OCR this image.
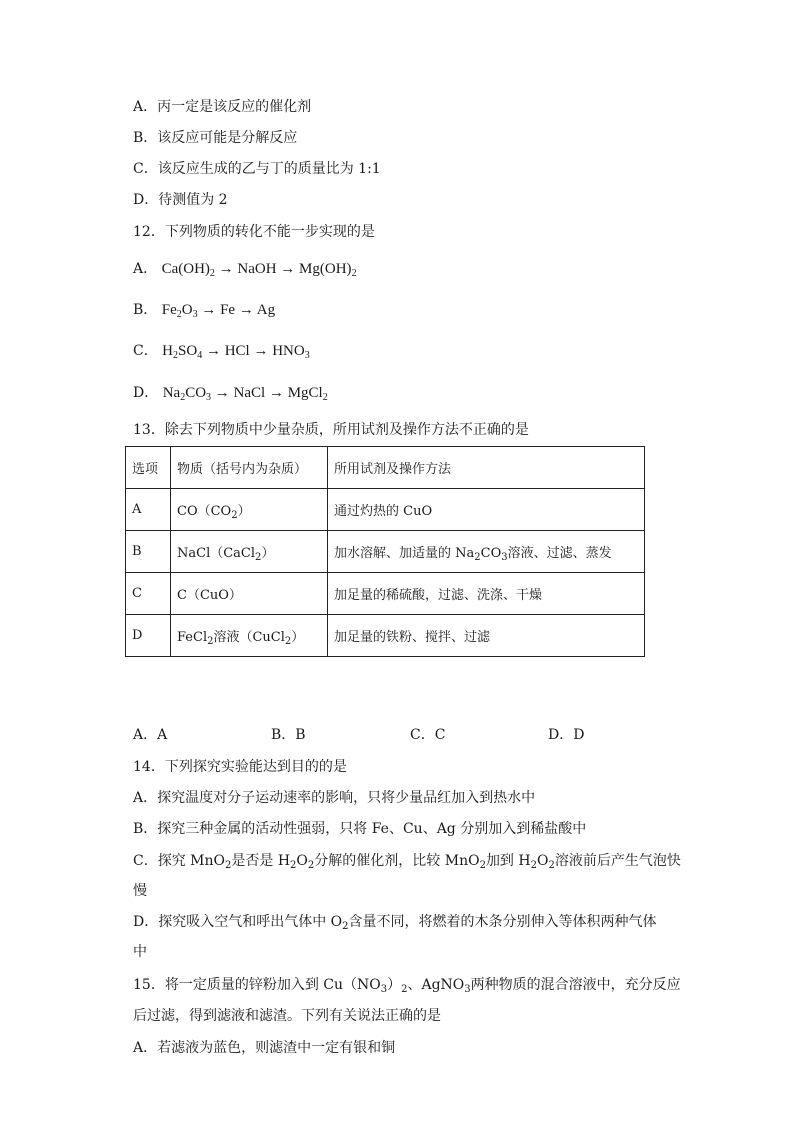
A．丙一定是该反应的催化剂
B．该反应可能是分解反应
C．该反应生成的乙与丁的质量比为 1:1
D．待测值为 2
12．下列物质的转化不能一步实现的是
A． $Ca(OH)_2$ → NaOH → $Mg(OH)_2$
B． $Fe_2O_3 \to Fe \to Ag$
C． $H_2SO_4$ → HCl → $HNO_3$
D． $Na_2CO_3$ → NaCl → MgCl$_2$
13．除去下列物质中少量杂质，所用试剂及操作方法不正确的是
选项	物质（括号内为杂质）	所用试剂及操作方法
A	$CO(CO_2)$	通过灼热的 CuO
B	NaCl（CaCl$_2$）	加水溶解、加适量的 $Na_2CO_3$溶液、过滤、蒸发
C	C（CuO）	加足量的稀硫酸，过滤、洗涤、干燥
D	FeCl$_2$溶液（CuCl$_2$）	加足量的铁粉、搅拌、过滤
A．A	B．B	C．C	D．D
14．下列探究实验能达到目的的是
A．探究温度对分子运动速率的影响，只将少量品红加入到热水中
B．探究三种金属的活动性强弱，只将 Fe、Cu、Ag 分别加入到稀盐酸中
C．探究 MnO$_2$是否是 $H_2O_2$分解的催化剂，比较 MnO$_2$加到 $H_2O_2$溶液前后产生气泡快
慢
D．探究吸入空气和呼出气体中 $O_2$含量不同，将燃着的木条分别伸入等体积两种气体
中
15．将一定质量的锌粉加入到 $Cu(NO_3)_2$、AgNO$_3$两种物质的混合溶液中，充分反应
后过滤，得到滤液和滤渣。下列有关说法正确的是
A．若滤液为蓝色，则滤渣中一定有银和铜
